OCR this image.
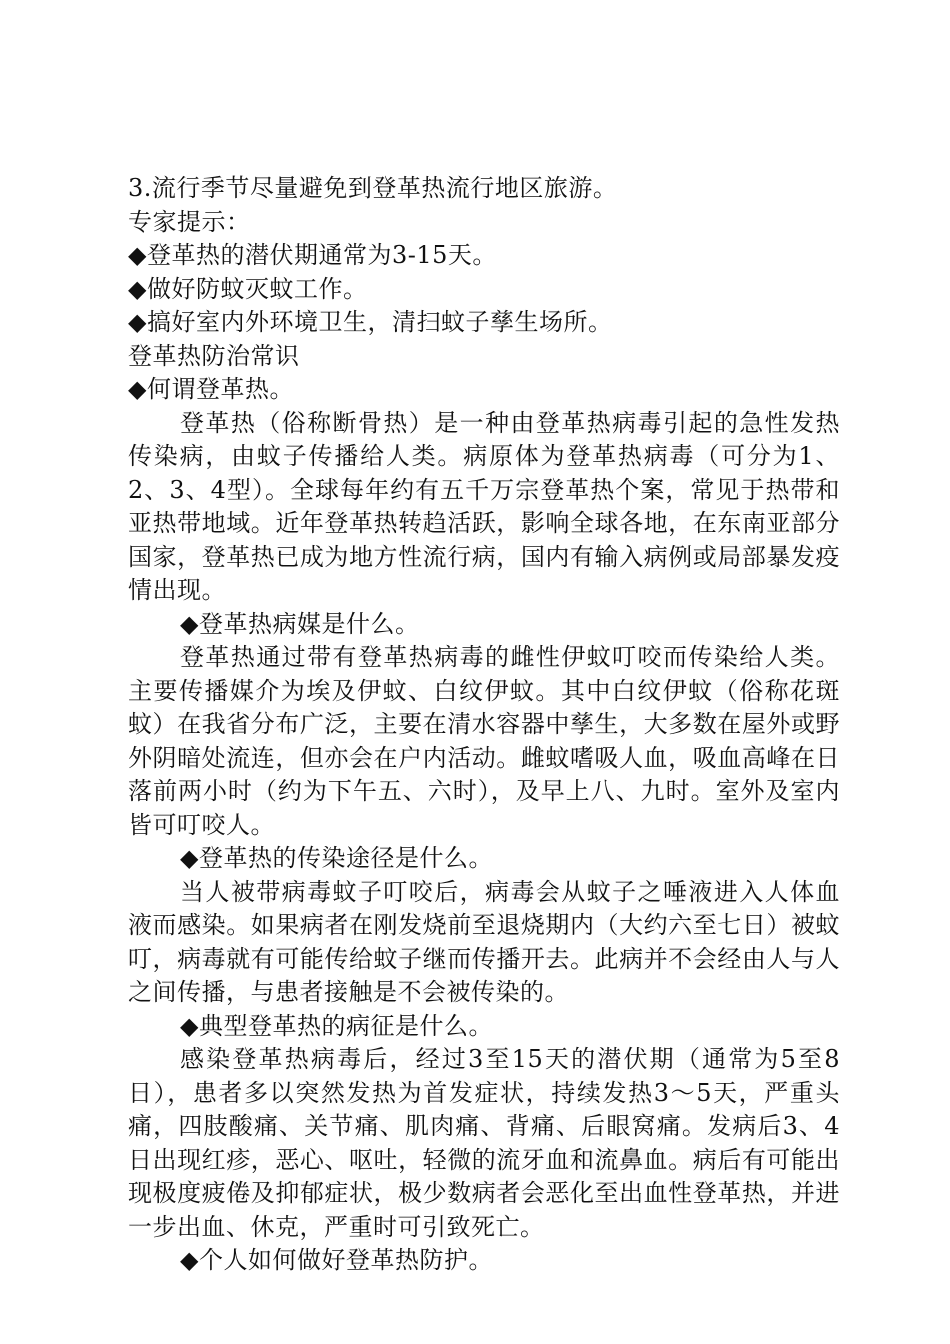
3.流行季节尽量避免到登革热流行地区旅游。

专家提示：

◆登革热的潜伏期通常为3-15天。

◆做好防蚊灭蚊工作。

◆搞好室内外环境卫生，清扫蚊子孳生场所。

登革热防治常识

◆何谓登革热。

登革热（俗称断骨热）是一种由登革热病毒引起的急性发热传染病，由蚊子传播给人类。病原体为登革热病毒（可分为1、2、3、4型）。全球每年约有五千万宗登革热个案，常见于热带和亚热带地域。近年登革热转趋活跃，影响全球各地，在东南亚部分国家，登革热已成为地方性流行病，国内有输入病例或局部暴发疫情出现。

◆登革热病媒是什么。

登革热通过带有登革热病毒的雌性伊蚊叮咬而传染给人类。主要传播媒介为埃及伊蚊、白纹伊蚊。其中白纹伊蚊（俗称花斑蚊）在我省分布广泛，主要在清水容器中孳生，大多数在屋外或野外阴暗处流连，但亦会在户内活动。雌蚊嗜吸人血，吸血高峰在日落前两小时（约为下午五、六时），及早上八、九时。室外及室内皆可叮咬人。

◆登革热的传染途径是什么。

当人被带病毒蚊子叮咬后，病毒会从蚊子之唾液进入人体血液而感染。如果病者在刚发烧前至退烧期内（大约六至七日）被蚊叮，病毒就有可能传给蚊子继而传播开去。此病并不会经由人与人之间传播，与患者接触是不会被传染的。

◆典型登革热的病征是什么。

感染登革热病毒后，经过3至15天的潜伏期（通常为5至8日），患者多以突然发热为首发症状，持续发热3～5天，严重头痛，四肢酸痛、关节痛、肌肉痛、背痛、后眼窝痛。发病后3、4日出现红疹，恶心、呕吐，轻微的流牙血和流鼻血。病后有可能出现极度疲倦及抑郁症状，极少数病者会恶化至出血性登革热，并进一步出血、休克，严重时可引致死亡。

◆个人如何做好登革热防护。
